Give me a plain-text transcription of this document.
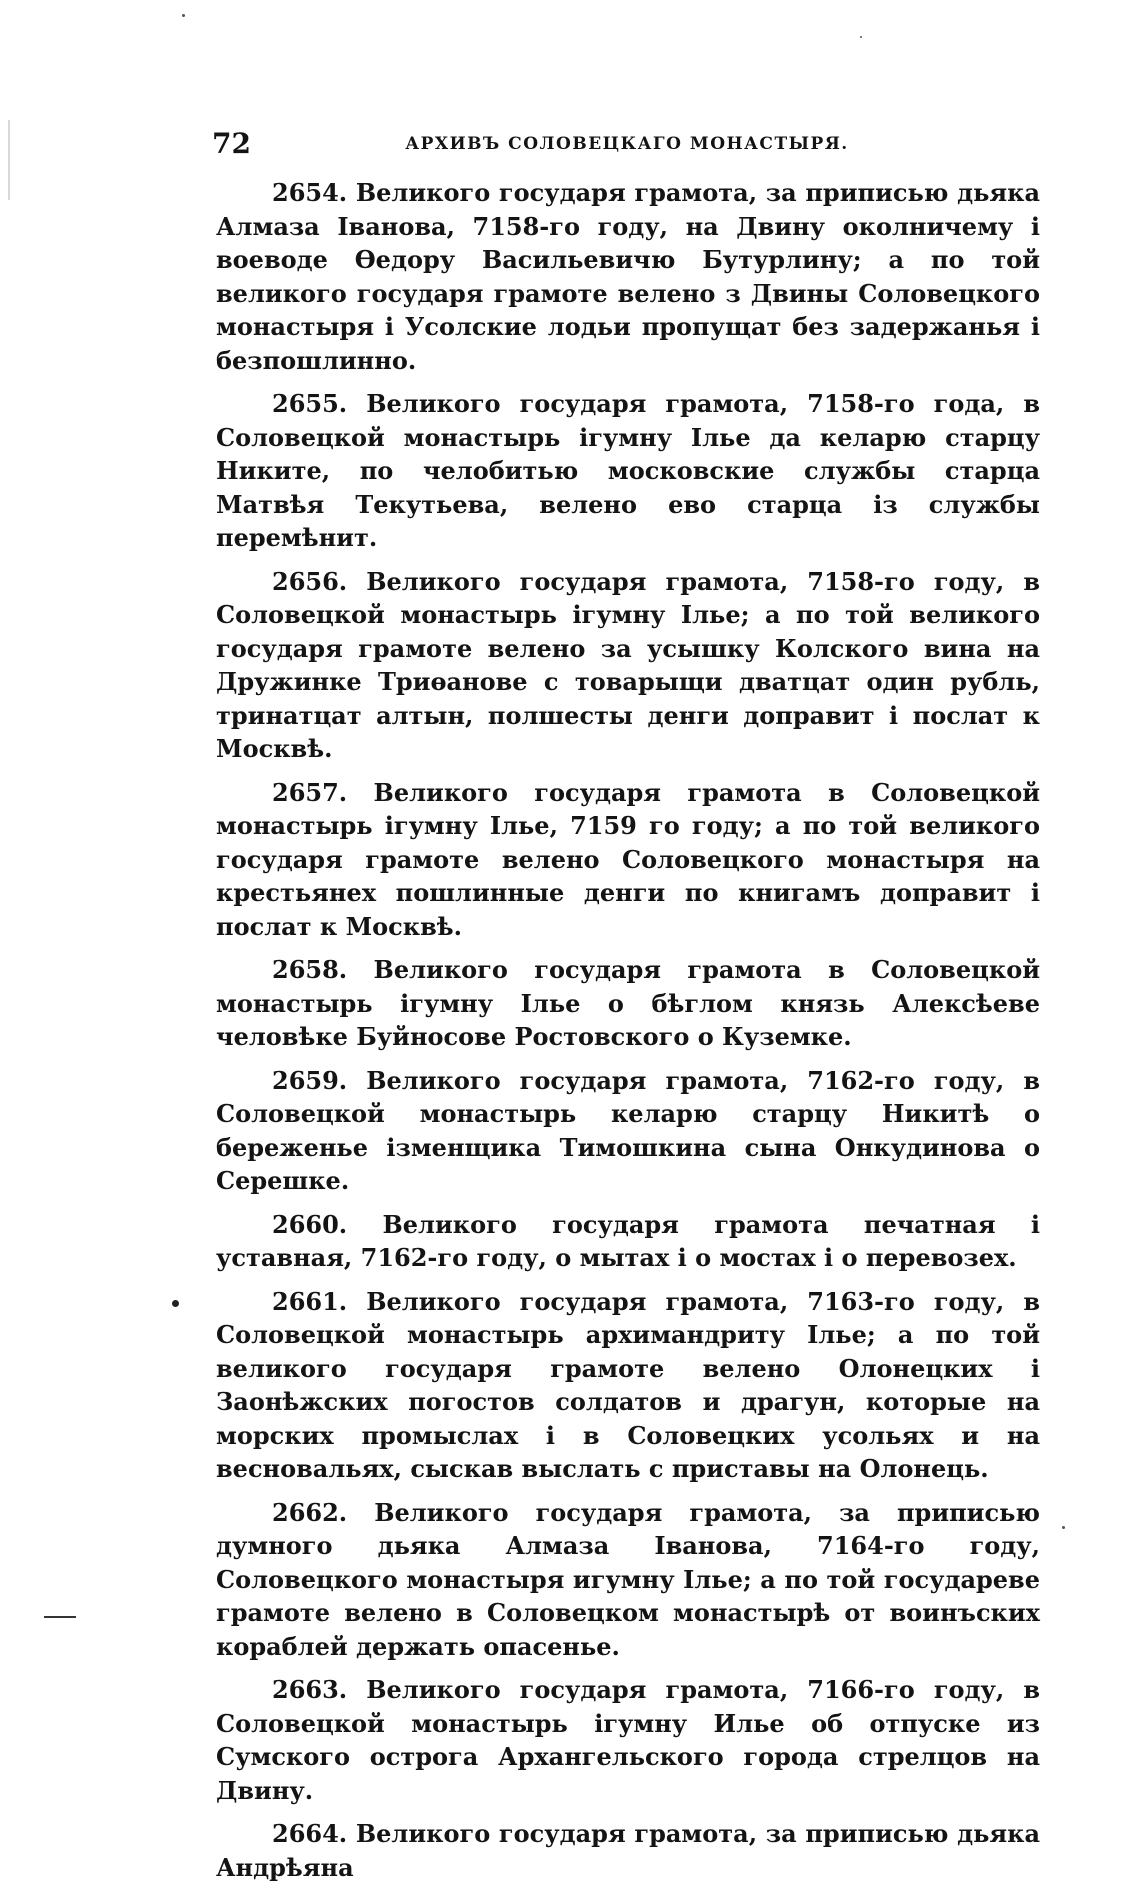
72	АРХИВЪ СОЛОВЕЦКАГО МОНАСТЫРЯ.

2654. Великого государя грамота, за приписью дьяка Алмаза Іванова, 7158-го году, на Двину околничему і воеводе Өедору Васильевичю Бутурлину; а по той великого государя грамоте велено з Двины Соловецкого монастыря і Усолские лодьи пропущат без задержанья і безпошлинно.

2655. Великого государя грамота, 7158-го года, в Соловецкой монастырь ігумну Ільe да келарю старцу Никите, по челобитью московские службы старца Матвѣя Текутьева, велено ево старца із службы перемѣнит.

2656. Великого государя грамота, 7158-го году, в Соловецкой монастырь ігумну Ільe; а по той великого государя грамоте велено за усышку Колского вина на Дружинке Триөанове с товарыщи дватцат один рубль, тринатцат алтын, полшесты денги доправит і послат к Москвѣ.

2657. Великого государя грамота в Соловецкой монастырь ігумну Ільe, 7159 го году; а по той великого государя грамоте велено Соловецкого монастыря на крестьянех пошлинные денги по книгамъ доправит і послат к Москвѣ.

2658. Великого государя грамота в Соловецкой монастырь ігумну Ільe о бѣглом князь Алексѣеве человѣке Буйносове Ростовского о Куземке.

2659. Великого государя грамота, 7162-го году, в Соловецкой монастырь келарю старцу Никитѣ о береженье ізменщика Тимошкина сына Онкудинова о Серешке.

2660. Великого государя грамота печатная і уставная, 7162-го году, о мытах і о мостах і о перевозех.

2661. Великого государя грамота, 7163-го году, в Соловецкой монастырь архимандриту Ільe; а по той великого государя грамоте велено Олонецких і Заонѣжских погостов солдатов и драгун, которые на морских промыслах і в Соловецких усольях и на весновальях, сыскав выслать с приставы на Олонець.

2662. Великого государя грамота, за приписью думного дьяка Алмаза Іванова, 7164-го году, Соловецкого монастыря игумну Ільe; а по той государеве грамоте велено в Соловецком монастырѣ от воинъских кораблей держать опасенье.

2663. Великого государя грамота, 7166-го году, в Соловецкой монастырь ігумну Илье об отпуске из Сумского острога Архангельского города стрелцов на Двину.

2664. Великого государя грамота, за приписью дьяка Андрѣяна
